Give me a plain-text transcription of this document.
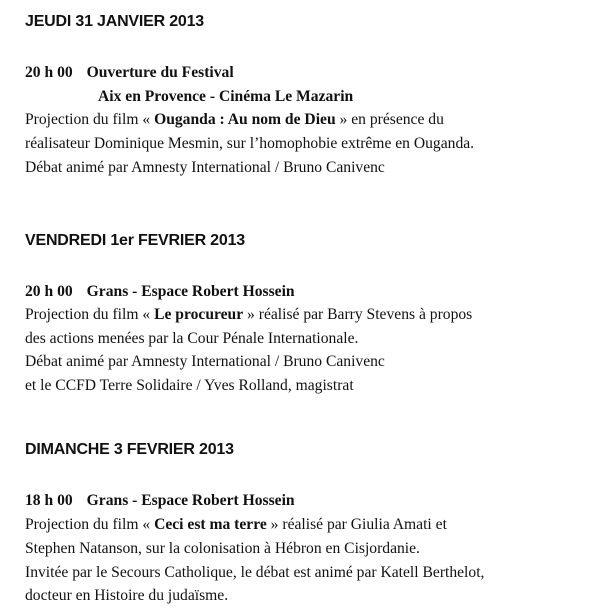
JEUDI 31 JANVIER 2013

20 h 00 Ouverture du Festival

Aix en Provence - Cinéma Le Mazarin

Projection du film « Ouganda : Au nom de Dieu » en présence du

réalisateur Dominique Mesmin, sur l’homophobie extrême en Ouganda.

Débat animé par Amnesty International / Bruno Canivenc

VENDREDI 1er FEVRIER 2013

20 h 00 Grans - Espace Robert Hossein

Projection du film « Le procureur » réalisé par Barry Stevens à propos

des actions menées par la Cour Pénale Internationale.

Débat animé par Amnesty International / Bruno Canivenc

et le CCFD Terre Solidaire / Yves Rolland, magistrat

DIMANCHE 3 FEVRIER 2013

18 h 00 Grans - Espace Robert Hossein

Projection du film « Ceci est ma terre » réalisé par Giulia Amati et

Stephen Natanson, sur la colonisation à Hébron en Cisjordanie.

Invitée par le Secours Catholique, le débat est animé par Katell Berthelot,

docteur en Histoire du judaïsme.
